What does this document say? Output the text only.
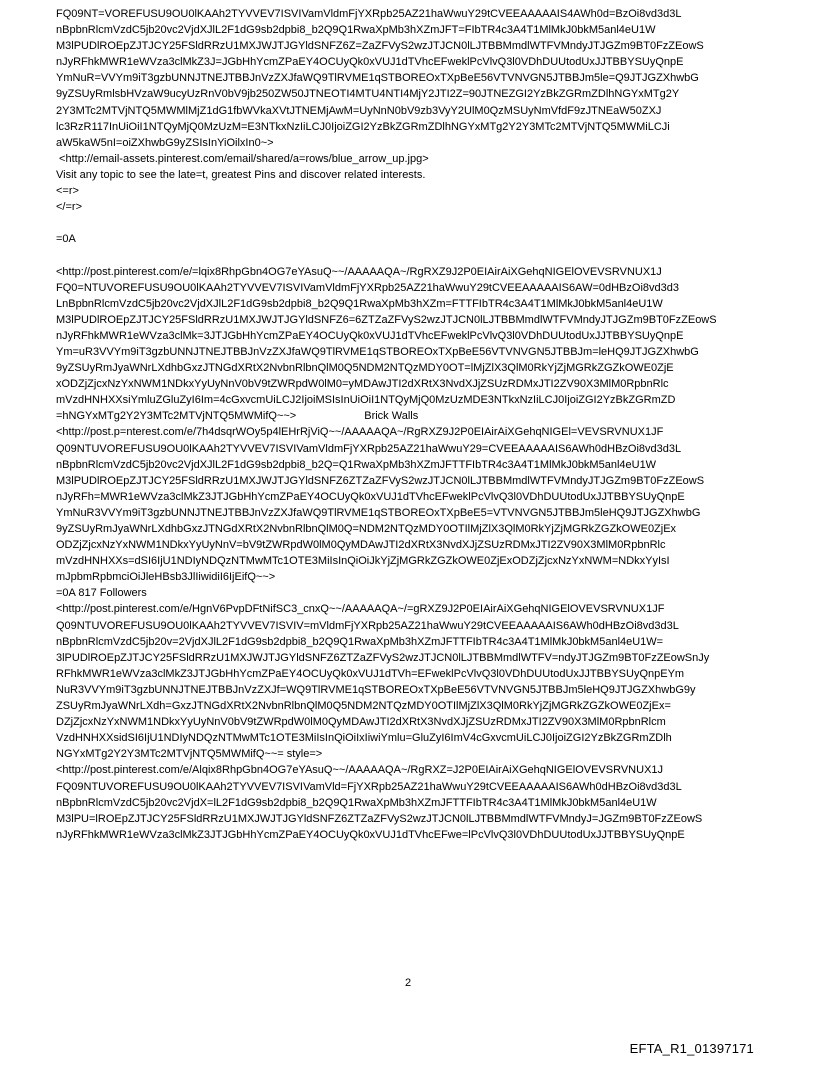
FQ09NT=VOREFUSU9OU0lKAAh2TYVVEV7ISVIVamVldmFjYXRpb25AZ21haWwuY29tCVEEAAAAAIS4AWh0d=BzOi8vd3d3L
nBpbnRlcmVzdC5jb20vc2VjdXJlL2F1dG9sb2dpbi8_b2Q9Q1RwaXpMb3hXZmJFT=FIbTR4c3A4T1MlMkJ0bkM5anl4eU1W
M3lPUDlROEpZJTJCY25FSldRRzU1MXJWJTJGYldSNFZ6Z=ZaZFVyS2wzJTJCN0lLJTBBMmdlWTFVMndyJTJGZm9BT0FzZEowS
nJyRFhkMWR1eWVza3clMkZ3J=JGbHhYcmZPaEY4OCUyQk0xVUJ1dTVhcEFweklPcVlvQ3l0VDhDUUtodUxJJTBBYSUyQnpE
YmNuR=VVYm9iT3gzbUNNJTNEJTBBJnVzZXJfaWQ9TlRVME1qSTBOREOxTXpBeE56VTVNVGN5JTBBJm5le=Q9JTJGZXhwbG
9yZSUyRmlsbHVzaW9ucyUzRnV0bV9jb250ZW50JTNEOTI4MTU4NTI4MjY2JTI2Z=90JTNEZGI2YzBkZGRmZDlhNGYxMTg2Y
2Y3MTc2MTVjNTQ5MWMlMjZ1dG1fbWVkaXVtJTNEMjAwM=UyNnN0bV9zb3VyY2UlM0QzMSUyNmVfdF9zJTNEaW50ZXJ
lc3RzR117InUiOiI1NTQyMjQ0MzUzM=E3NTkxNzIiLCJ0IjoiZGI2YzBkZGRmZDlhNGYxMTg2Y2Y3MTc2MTVjNTQ5MWMiLCJi
aW5kaW5nI=oiZXhwbG9yZSIsInYiOilxIn0~>
<http://email-assets.pinterest.com/email/shared/a=rows/blue_arrow_up.jpg>
Visit any topic to see the late=t, greatest Pins and discover related interests.
<=r>
</=r>
=0A
<http://post.pinterest.com/e/=lqix8RhpGbn4OG7eYAsuQ~~/AAAAAQA~/RgRXZ9J2P0EIAirAiXGehqNIGElOVEVSRVNUX1J
FQ0=NTUVOREFUSU9OU0lKAAh2TYVVEV7ISVIVamVldmFjYXRpb25AZ21haWwuY29tCVEEAAAAAIS6AW=0dHBzOi8vd3d3
LnBpbnRlcmVzdC5jb20vc2VjdXJlL2F1dG9sb2dpbi8_b2Q9Q1RwaXpMb3hXZm=FTTFIbTR4c3A4T1MlMkJ0bkM5anl4eU1W
M3lPUDlROEpZJTJCY25FSldRRzU1MXJWJTJGYldSNFZ6=6ZTZaZFVyS2wzJTJCN0lLJTBBMmdlWTFVMndyJTJGZm9BT0FzZEowS
nJyRFhkMWR1eWVza3clMk=3JTJGbHhYcmZPaEY4OCUyQk0xVUJ1dTVhcEFweklPcVlvQ3l0VDhDUUtodUxJJTBBYSUyQnpE
Ym=uR3VVYm9iT3gzbUNNJTNEJTBBJnVzZXJfaWQ9TlRVME1qSTBOREOxTXpBeE56VTVNVGN5JTBBJm=leHQ9JTJGZXhwbG
9yZSUyRmJyaWNrLXdhbGxzJTNGdXRtX2NvbnRlbnQlM0Q5NDM2NTQzMDY0OT=lMjZlX3QlM0RkYjZjMGRkZGZkOWE0ZjE
xODZjZjcxNzYxNWM1NDkxYyUyNnV0bV9tZWRpdW0lM0=yMDAwJTI2dXRtX3NvdXJjZSUzRDMxJTI2ZV90X3MlM0RpbnRlc
mVzdHNHXXsiYmluZGluZyI6Im=4cGxvcmUiLCJ2IjoiMSIsInUiOiI1NTQyMjQ0MzUzMDE3NTkxNzIiLCJ0IjoiZGI2YzBkZGRmZD
=hNGYxMTg2Y2Y3MTc2MTVjNTQ5MWMifQ~~>	Brick Walls
<http://post.p=nterest.com/e/7h4dsqrWOy5p4lEHrRjViQ~~/AAAAAQA~/RgRXZ9J2P0EIAirAiXGehqNIGEl=VEVSRVNUX1JF
Q09NTUVOREFUSU9OU0lKAAh2TYVVEV7ISVIVamVldmFjYXRpb25AZ21haWwuY29=CVEEAAAAAIS6AWh0dHBzOi8vd3d3L
nBpbnRlcmVzdC5jb20vc2VjdXJlL2F1dG9sb2dpbi8_b2Q=Q1RwaXpMb3hXZmJFTTFIbTR4c3A4T1MlMkJ0bkM5anl4eU1W
M3lPUDlROEpZJTJCY25FSldRRzU1MXJWJTJGYldSNFZ6ZTZaZFVyS2wzJTJCN0lLJTBBMmdlWTFVMndyJTJGZm9BT0FzZEowS
nJyRFh=MWR1eWVza3clMkZ3JTJGbHhYcmZPaEY4OCUyQk0xVUJ1dTVhcEFweklPcVlvQ3l0VDhDUUtodUxJJTBBYSUyQnpE
YmNuR3VVYm9iT3gzbUNNJTNEJTBBJnVzZXJfaWQ9TlRVME1qSTBOREOxTXpBeE5=VTVNVGN5JTBBJm5leHQ9JTJGZXhwbG
9yZSUyRmJyaWNrLXdhbGxzJTNGdXRtX2NvbnRlbnQlM0Q=NDM2NTQzMDY0OTIlMjZlX3QlM0RkYjZjMGRkZGZkOWE0ZjEx
ODZjZjcxNzYxNWM1NDkxYyUyNnV=bV9tZWRpdW0lM0QyMDAwJTI2dXRtX3NvdXJjZSUzRDMxJTI2ZV90X3MlM0RpbnRlc
mVzdHNHXXs=dSI6IjU1NDIyNDQzNTMwMTc1OTE3MiIsInQiOiJkYjZjMGRkZGZkOWE0ZjExODZjZjcxNzYxNWM=NDkxYyIsI
mJpbmRpbmciOiJleHBsb3JlIiwidiI6IjEifQ~~>
=0A 817 Followers
<http://post.pinterest.com/e/HgnV6PvpDFtNifSC3_cnxQ~~/AAAAAQA~/=gRXZ9J2P0EIAirAiXGehqNIGElOVEVSRVNUX1JF
Q09NTUVOREFUSU9OU0lKAAh2TYVVEV7ISVIV=mVldmFjYXRpb25AZ21haWwuY29tCVEEAAAAAIS6AWh0dHBzOi8vd3d3L
nBpbnRlcmVzdC5jb20v=2VjdXJlL2F1dG9sb2dpbi8_b2Q9Q1RwaXpMb3hXZmJFTTFIbTR4c3A4T1MlMkJ0bkM5anl4eU1W=
3lPUDlROEpZJTJCY25FSldRRzU1MXJWJTJGYldSNFZ6ZTZaZFVyS2wzJTJCN0lLJTBBMmdlWTFV=ndyJTJGZm9BT0FzZEowSnJy
RFhkMWR1eWVza3clMkZ3JTJGbHhYcmZPaEY4OCUyQk0xVUJ1dTVh=EFweklPcVlvQ3l0VDhDUUtodUxJJTBBYSUyQnpEYm
NuR3VVYm9iT3gzbUNNJTNEJTBBJnVzZXJf=WQ9TlRVME1qSTBOREOxTXpBeE56VTVNVGN5JTBBJm5leHQ9JTJGZXhwbG9y
ZSUyRmJyaWNrLXdh=GxzJTNGdXRtX2NvbnRlbnQlM0Q5NDM2NTQzMDY0OTIlMjZlX3QlM0RkYjZjMGRkZGZkOWE0ZjEx=
DZjZjcxNzYxNWM1NDkxYyUyNnV0bV9tZWRpdW0lM0QyMDAwJTI2dXRtX3NvdXJjZSUzRDMxJTI2ZV90X3MlM0RpbnRlcm
VzdHNHXXsidSI6IjU1NDIyNDQzNTMwMTc1OTE3MiIsInQiOiIxIiwiYmlu=GluZyI6ImV4cGxvcmUiLCJ0IjoiZGI2YzBkZGRmZDlh
NGYxMTg2Y2Y3MTc2MTVjNTQ5MWMifQ~~= style=>
<http://post.pinterest.com/e/Alqix8RhpGbn4OG7eYAsuQ~~/AAAAAQA~/RgRXZ=J2P0EIAirAiXGehqNIGElOVEVSRVNUX1J
FQ09NTUVOREFUSU9OU0lKAAh2TYVVEV7ISVIVamVld=FjYXRpb25AZ21haWwuY29tCVEEAAAAAIS6AWh0dHBzOi8vd3d3L
nBpbnRlcmVzdC5jb20vc2VjdX=lL2F1dG9sb2dpbi8_b2Q9Q1RwaXpMb3hXZmJFTTFIbTR4c3A4T1MlMkJ0bkM5anl4eU1W
M3lPU=lROEpZJTJCY25FSldRRzU1MXJWJTJGYldSNFZ6ZTZaZFVyS2wzJTJCN0lLJTBBMmdlWTFVMndyJ=JGZm9BT0FzZEowS
nJyRFhkMWR1eWVza3clMkZ3JTJGbHhYcmZPaEY4OCUyQk0xVUJ1dTVhcEFwe=lPcVlvQ3l0VDhDUUtodUxJJTBBYSUyQnpE
2
EFTA_R1_01397171
